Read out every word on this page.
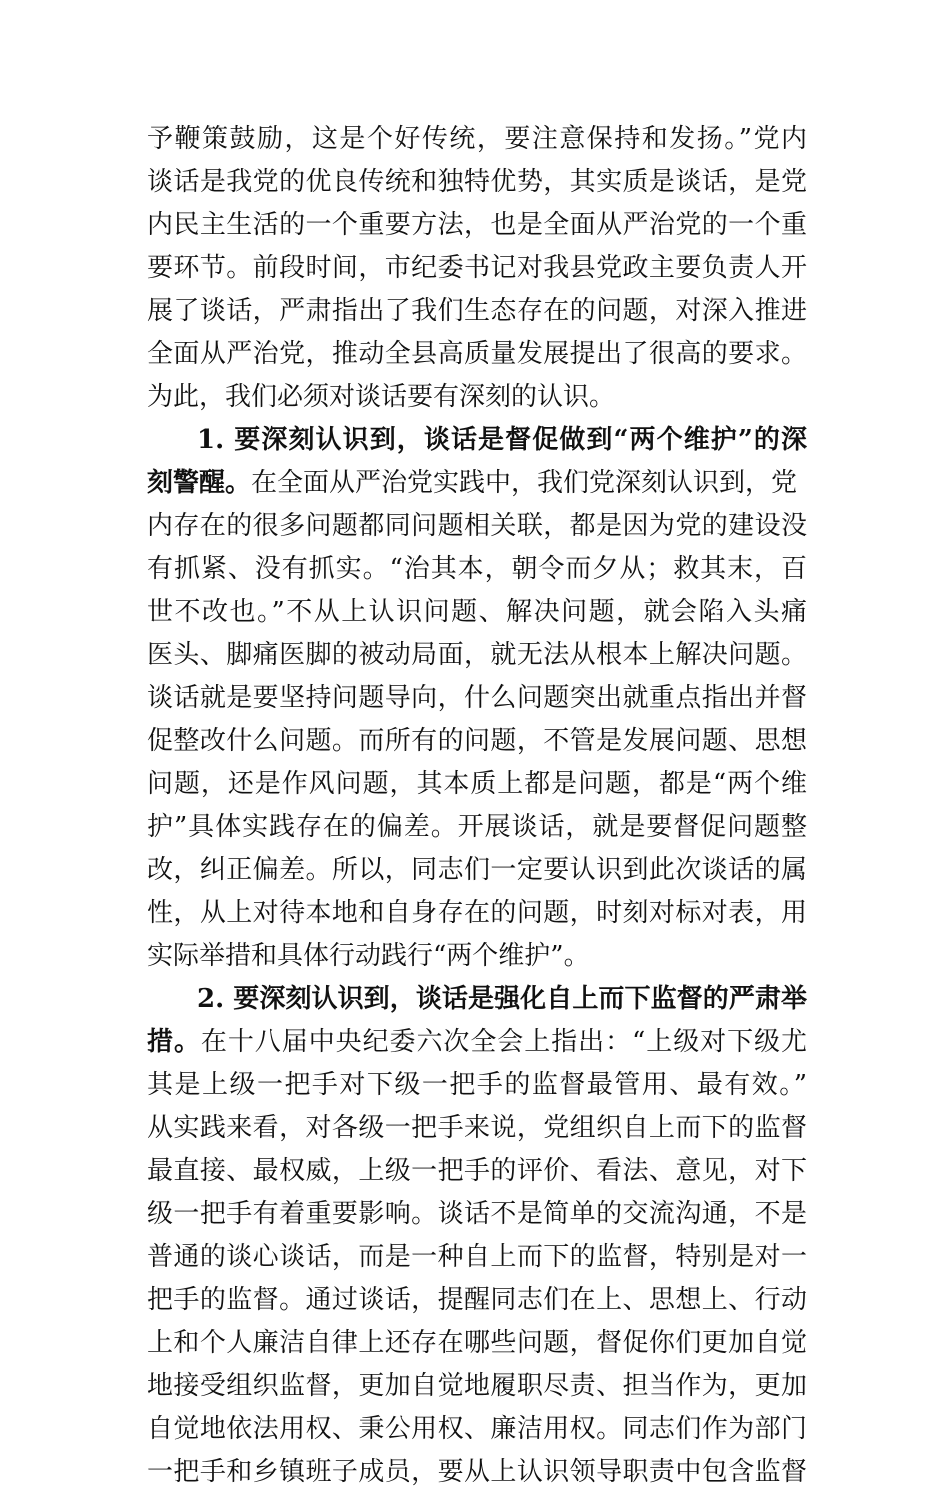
予鞭策鼓励，这是个好传统，要注意保持和发扬。”党内
谈话是我党的优良传统和独特优势，其实质是谈话，是党
内民主生活的一个重要方法，也是全面从严治党的一个重
要环节。前段时间，市纪委书记对我县党政主要负责人开
展了谈话，严肃指出了我们生态存在的问题，对深入推进
全面从严治党，推动全县高质量发展提出了很高的要求。
为此，我们必须对谈话要有深刻的认识。
1. 要深刻认识到，谈话是督促做到“两个维护”的深
刻警醒。在全面从严治党实践中，我们党深刻认识到，党
内存在的很多问题都同问题相关联，都是因为党的建设没
有抓紧、没有抓实。“治其本，朝令而夕从；救其末，百
世不改也。”不从上认识问题、解决问题，就会陷入头痛
医头、脚痛医脚的被动局面，就无法从根本上解决问题。
谈话就是要坚持问题导向，什么问题突出就重点指出并督
促整改什么问题。而所有的问题，不管是发展问题、思想
问题，还是作风问题，其本质上都是问题，都是“两个维
护”具体实践存在的偏差。开展谈话，就是要督促问题整
改，纠正偏差。所以，同志们一定要认识到此次谈话的属
性，从上对待本地和自身存在的问题，时刻对标对表，用
实际举措和具体行动践行“两个维护”。
2. 要深刻认识到，谈话是强化自上而下监督的严肃举
措。在十八届中央纪委六次全会上指出：“上级对下级尤
其是上级一把手对下级一把手的监督最管用、最有效。”
从实践来看，对各级一把手来说，党组织自上而下的监督
最直接、最权威，上级一把手的评价、看法、意见，对下
级一把手有着重要影响。谈话不是简单的交流沟通，不是
普通的谈心谈话，而是一种自上而下的监督，特别是对一
把手的监督。通过谈话，提醒同志们在上、思想上、行动
上和个人廉洁自律上还存在哪些问题，督促你们更加自觉
地接受组织监督，更加自觉地履职尽责、担当作为，更加
自觉地依法用权、秉公用权、廉洁用权。同志们作为部门
一把手和乡镇班子成员，要从上认识领导职责中包含监督
